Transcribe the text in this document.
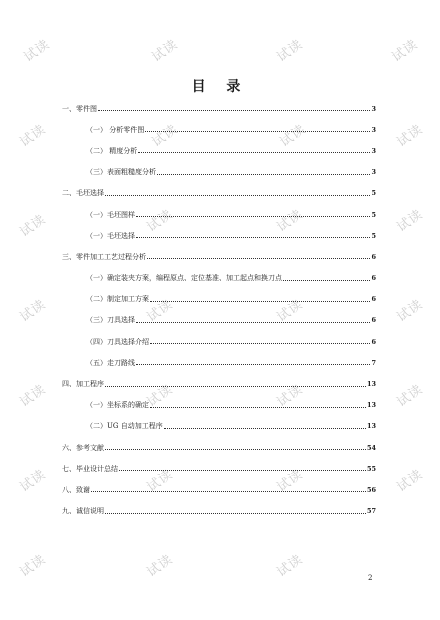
试读	试读	试读	试读
试读	试读	试读	试读
试读	试读	试读	试读
试读	试读	试读	试读
试读	试读	试读	试读
试读	试读	试读	试读
试读	试读	试读
目 录
一、零件图	3
（一） 分析零件图	3
（二） 精度分析	3
（三）表面粗糙度分析	3
二、毛坯选择	5
（一）毛坯图样	5
（一）毛坯选择	5
三、零件加工工艺过程分析	6
（一）确定装夹方案，编程原点、定位基准、加工起点和换刀点	6
（二）制定加工方案	6
（三）刀具选择	6
（四）刀具选择介绍	6
（五）走刀路线	7
四、加工程序	13
（一）坐标系的确定	13
（二）UG 自动加工程序	13
六、参考文献	54
七、毕业设计总结	55
八、致谢	56
九、诚信说明	57
2
